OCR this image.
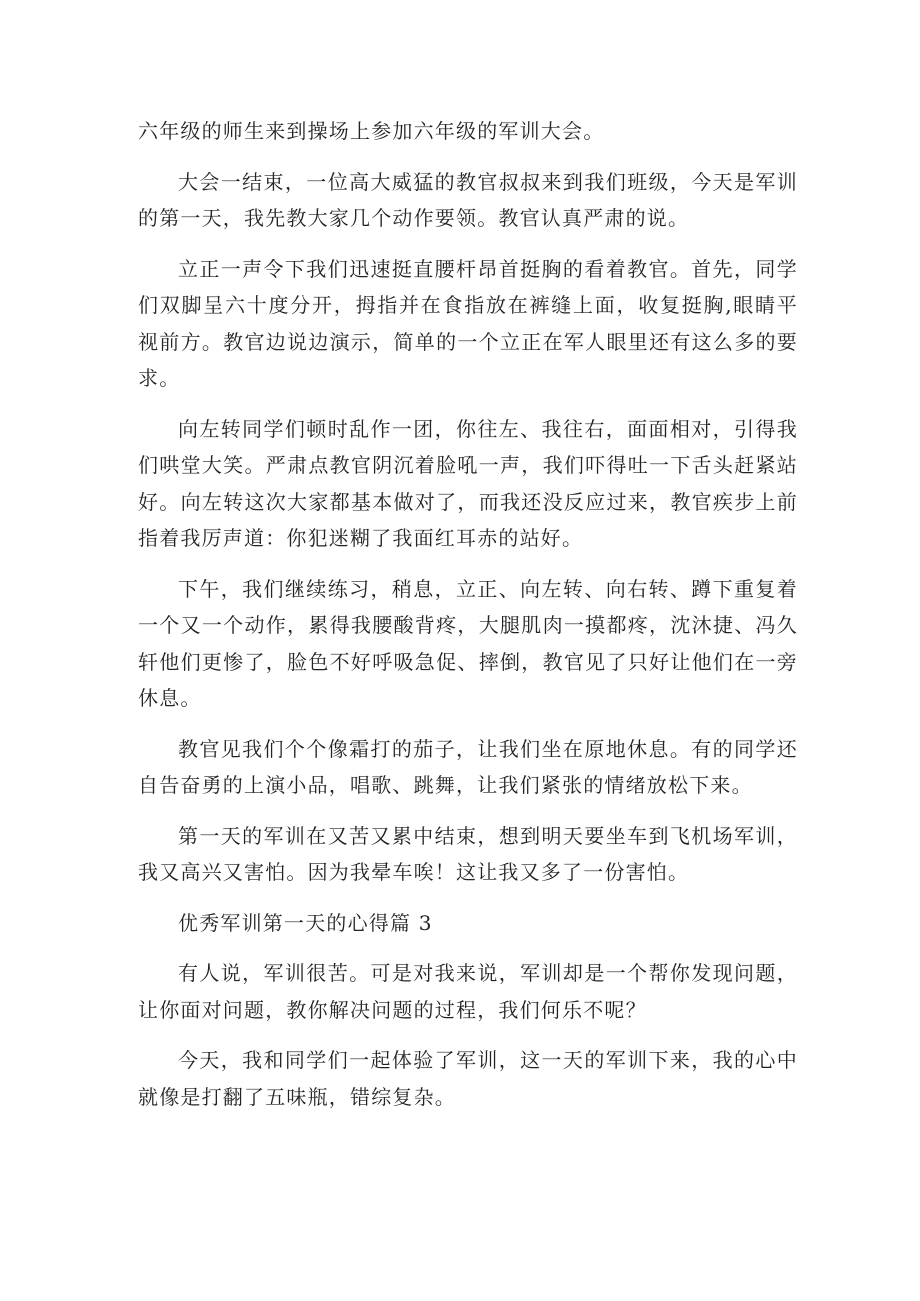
六年级的师生来到操场上参加六年级的军训大会。

大会一结束，一位高大威猛的教官叔叔来到我们班级，今天是军训的第一天，我先教大家几个动作要领。教官认真严肃的说。

立正一声令下我们迅速挺直腰杆昂首挺胸的看着教官。首先，同学们双脚呈六十度分开，拇指并在食指放在裤缝上面，收复挺胸,眼睛平视前方。教官边说边演示，简单的一个立正在军人眼里还有这么多的要求。

向左转同学们顿时乱作一团，你往左、我往右，面面相对，引得我们哄堂大笑。严肃点教官阴沉着脸吼一声，我们吓得吐一下舌头赶紧站好。向左转这次大家都基本做对了，而我还没反应过来，教官疾步上前指着我厉声道：你犯迷糊了我面红耳赤的站好。

下午，我们继续练习，稍息，立正、向左转、向右转、蹲下重复着一个又一个动作，累得我腰酸背疼，大腿肌肉一摸都疼，沈沐捷、冯久轩他们更惨了，脸色不好呼吸急促、摔倒，教官见了只好让他们在一旁休息。

教官见我们个个像霜打的茄子，让我们坐在原地休息。有的同学还自告奋勇的上演小品，唱歌、跳舞，让我们紧张的情绪放松下来。

第一天的军训在又苦又累中结束，想到明天要坐车到飞机场军训，我又高兴又害怕。因为我晕车唉！这让我又多了一份害怕。

优秀军训第一天的心得篇 3

有人说，军训很苦。可是对我来说，军训却是一个帮你发现问题，让你面对问题，教你解决问题的过程，我们何乐不呢？

今天，我和同学们一起体验了军训，这一天的军训下来，我的心中就像是打翻了五味瓶，错综复杂。
